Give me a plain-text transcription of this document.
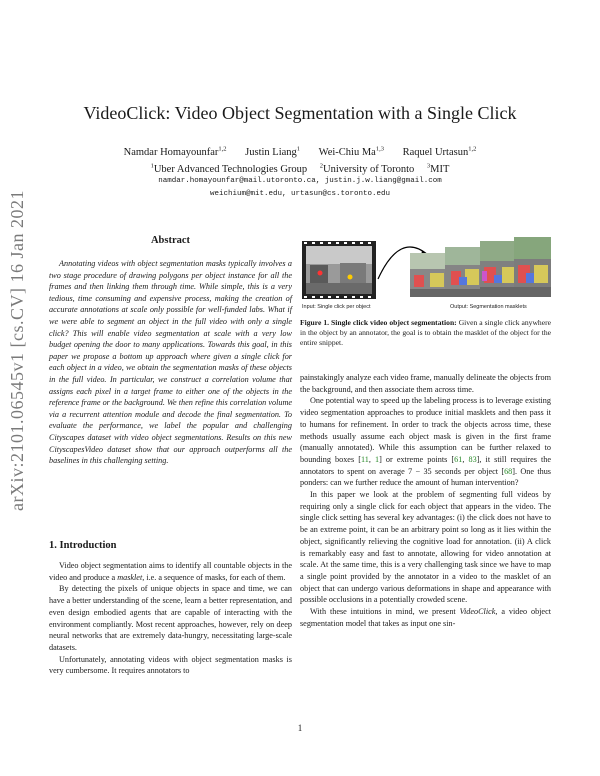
arXiv:2101.06545v1 [cs.CV] 16 Jan 2021
VideoClick: Video Object Segmentation with a Single Click
Namdar Homayounfar$^{1,2}$ Justin Liang$^1$ Wei-Chiu Ma$^{1,3}$ Raquel Urtasun$^{1,2}$
$^1$Uber Advanced Technologies Group $^2$University of Toronto $^3$MIT
namdar.homayounfar@mail.utoronto.ca, justin.j.w.liang@gmail.com
weichium@mit.edu, urtasun@cs.toronto.edu
Abstract

Annotating videos with object segmentation masks typically involves a two stage procedure of drawing polygons per object instance for all the frames and then linking them through time. While simple, this is a very tedious, time consuming and expensive process, making the creation of accurate annotations at scale only possible for well-funded labs. What if we were able to segment an object in the full video with only a single click? This will enable video segmentation at scale with a very low budget opening the door to many applications. Towards this goal, in this paper we propose a bottom up approach where given a single click for each object in a video, we obtain the segmentation masks of these objects in the full video. In particular, we construct a correlation volume that assigns each pixel in a target frame to either one of the objects in the reference frame or the background. We then refine this correlation volume via a recurrent attention module and decode the final segmentation. To evaluate the performance, we label the popular and challenging Cityscapes dataset with video object segmentations. Results on this new CityscapesVideo dataset show that our approach outperforms all the baselines in this challenging setting.

1. Introduction

Video object segmentation aims to identify all countable objects in the video and produce a masklet, i.e. a sequence of masks, for each of them.

By detecting the pixels of unique objects in space and time, we can have a better understanding of the scene, learn a better representation, and even design embodied agents that are capable of interacting with the environment compliantly. Most recent approaches, however, rely on deep neural networks that are extremely data-hungry, necessitating large-scale datasets.

Unfortunately, annotating videos with object segmentation masks is very cumbersome. It requires annotators to

Input: Single click per object	Output: Segmentation masklets
Figure 1. Single click video object segmentation: Given a single click anywhere in the object by an annotator, the goal is to obtain the masklet of the object for the entire snippet.

painstakingly analyze each video frame, manually delineate the objects from the background, and then associate them across time.

One potential way to speed up the labeling process is to leverage existing video segmentation approaches to produce initial masklets and then pass it to humans for refinement. In order to track the objects across time, these methods usually assume each object mask is given in the first frame (manually annotated). While this assumption can be further relaxed to bounding boxes [11, 1] or extreme points [61, 83], it still requires the annotators to spent on average 7 − 35 seconds per object [68]. One thus ponders: can we further reduce the amount of human intervention?

In this paper we look at the problem of segmenting full videos by requiring only a single click for each object that appears in the video. The single click setting has several key advantages: (i) the click does not have to be an extreme point, it can be an arbitrary point so long as it lies within the object, significantly relieving the cognitive load for annotation. (ii) A click is remarkably easy and fast to annotate, allowing for video annotation at scale. At the same time, this is a very challenging task since we have to map a single point provided by the annotator in a video to the masklet of an object that can undergo various deformations in shape and appearance with possible occlusions in a potentially crowded scene.

With these intuitions in mind, we present VideoClick, a video object segmentation model that takes as input one sin-

1
